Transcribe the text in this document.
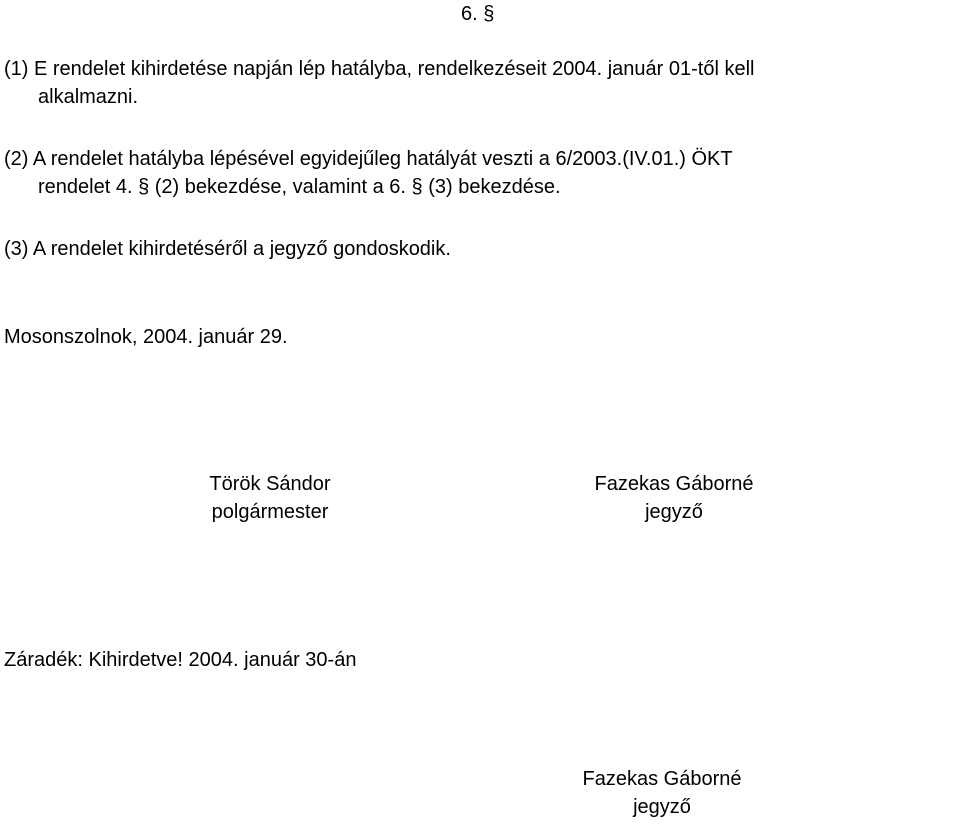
6. §
(1) E rendelet kihirdetése napján lép hatályba, rendelkezéseit 2004. január 01-től kell
alkalmazni.
(2) A rendelet hatályba lépésével egyidejűleg hatályát veszti a 6/2003.(IV.01.) ÖKT
rendelet 4. § (2) bekezdése, valamint a 6. § (3) bekezdése.
(3) A rendelet kihirdetéséről a jegyző gondoskodik.
Mosonszolnok, 2004. január 29.
Török Sándor
polgármester
Fazekas Gáborné
jegyző
Záradék: Kihirdetve! 2004. január 30-án
Fazekas Gáborné
jegyző
